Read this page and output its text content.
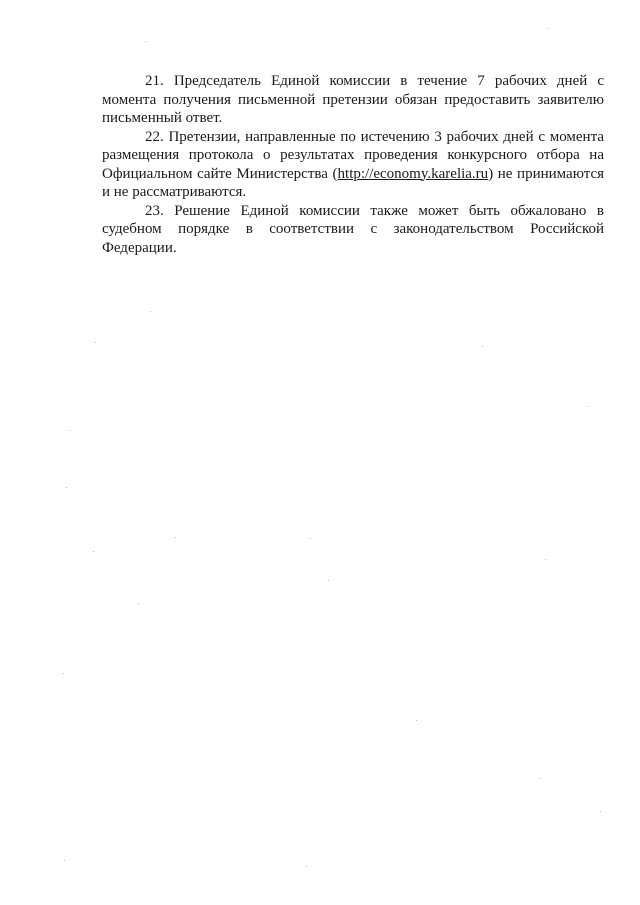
21. Председатель Единой комиссии в течение 7 рабочих дней с момента получения письменной претензии обязан предоставить заявителю письменный ответ.

22. Претензии, направленные по истечению 3 рабочих дней с момента размещения протокола о результатах проведения конкурсного отбора на Официальном сайте Министерства (http://economy.karelia.ru) не принимаются и не рассматриваются.

23. Решение Единой комиссии также может быть обжаловано в судебном порядке в соответствии с законодательством Российской Федерации.
